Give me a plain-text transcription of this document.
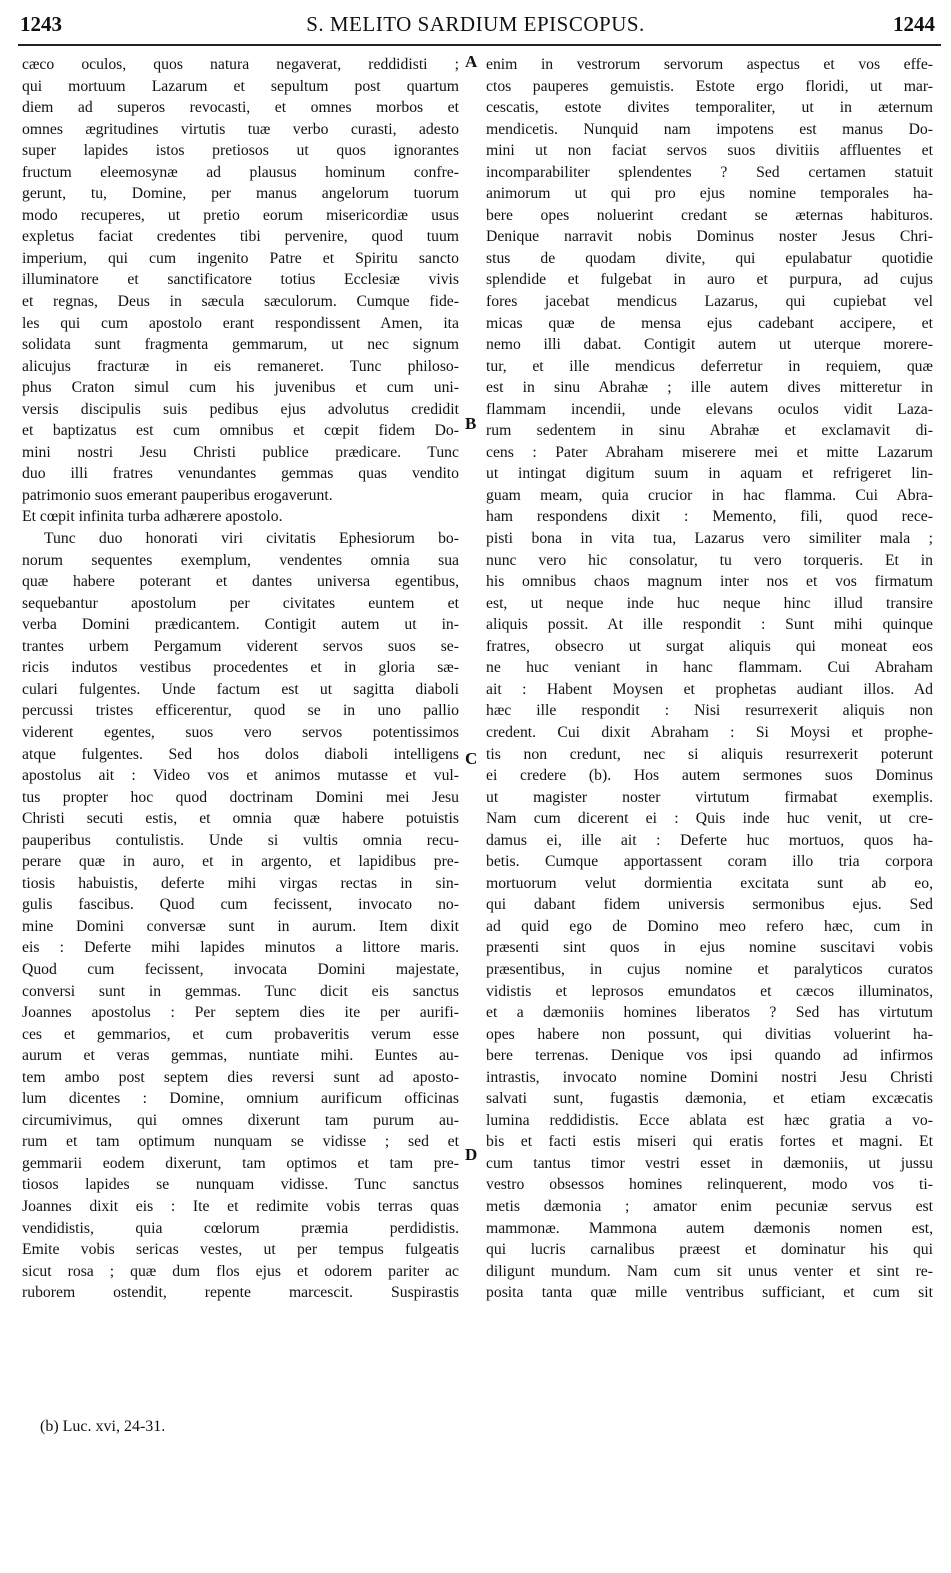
1243	S. MELITO SARDIUM EPISCOPUS.	1244
cæco oculos, quos natura negaverat, reddidisti ;
qui mortuum Lazarum et sepultum post quartum
diem ad superos revocasti, et omnes morbos et
omnes ægritudines virtutis tuæ verbo curasti, adesto
super lapides istos pretiosos ut quos ignorantes
fructum eleemosynæ ad plausus hominum confre-
gerunt, tu, Domine, per manus angelorum tuorum
modo recuperes, ut pretio eorum misericordiæ usus
expletus faciat credentes tibi pervenire, quod tuum
imperium, qui cum ingenito Patre et Spiritu sancto
illuminatore et sanctificatore totius Ecclesiæ vivis
et regnas, Deus in sæcula sæculorum. Cumque fide-
les qui cum apostolo erant respondissent Amen, ita
solidata sunt fragmenta gemmarum, ut nec signum
alicujus fracturæ in eis remaneret. Tunc philoso-
phus Craton simul cum his juvenibus et cum uni-
versis discipulis suis pedibus ejus advolutus credidit
et baptizatus est cum omnibus et cœpit fidem Do-
mini nostri Jesu Christi publice prædicare. Tunc
duo illi fratres venundantes gemmas quas vendito
patrimonio suos emerant pauperibus erogaverunt.
Et cœpit infinita turba adhærere apostolo.
Tunc duo honorati viri civitatis Ephesiorum bo-
norum sequentes exemplum, vendentes omnia sua
quæ habere poterant et dantes universa egentibus,
sequebantur apostolum per civitates euntem et
verba Domini prædicantem. Contigit autem ut in-
trantes urbem Pergamum viderent servos suos se-
ricis indutos vestibus procedentes et in gloria sæ-
culari fulgentes. Unde factum est ut sagitta diaboli
percussi tristes efficerentur, quod se in uno pallio
viderent egentes, suos vero servos potentissimos
atque fulgentes. Sed hos dolos diaboli intelligens
apostolus ait : Video vos et animos mutasse et vul-
tus propter hoc quod doctrinam Domini mei Jesu
Christi secuti estis, et omnia quæ habere potuistis
pauperibus contulistis. Unde si vultis omnia recu-
perare quæ in auro, et in argento, et lapidibus pre-
tiosis habuistis, deferte mihi virgas rectas in sin-
gulis fascibus. Quod cum fecissent, invocato no-
mine Domini conversæ sunt in aurum. Item dixit
eis : Deferte mihi lapides minutos a littore maris.
Quod cum fecissent, invocata Domini majestate,
conversi sunt in gemmas. Tunc dicit eis sanctus
Joannes apostolus : Per septem dies ite per aurifi-
ces et gemmarios, et cum probaveritis verum esse
aurum et veras gemmas, nuntiate mihi. Euntes au-
tem ambo post septem dies reversi sunt ad aposto-
lum dicentes : Domine, omnium aurificum officinas
circumivimus, qui omnes dixerunt tam purum au-
rum et tam optimum nunquam se vidisse ; sed et
gemmarii eodem dixerunt, tam optimos et tam pre-
tiosos lapides se nunquam vidisse. Tunc sanctus
Joannes dixit eis : Ite et redimite vobis terras quas
vendidistis, quia cœlorum præmia perdidistis.
Emite vobis sericas vestes, ut per tempus fulgeatis
sicut rosa ; quæ dum flos ejus et odorem pariter ac
ruborem ostendit, repente marcescit. Suspirastis
enim in vestrorum servorum aspectus et vos effe-
ctos pauperes gemuistis. Estote ergo floridi, ut mar-
cescatis, estote divites temporaliter, ut in æternum
mendicetis. Nunquid nam impotens est manus Do-
mini ut non faciat servos suos divitiis affluentes et
incomparabiliter splendentes ? Sed certamen statuit
animorum ut qui pro ejus nomine temporales ha-
bere opes noluerint credant se æternas habituros.
Denique narravit nobis Dominus noster Jesus Chri-
stus de quodam divite, qui epulabatur quotidie
splendide et fulgebat in auro et purpura, ad cujus
fores jacebat mendicus Lazarus, qui cupiebat vel
micas quæ de mensa ejus cadebant accipere, et
nemo illi dabat. Contigit autem ut uterque morere-
tur, et ille mendicus deferretur in requiem, quæ
est in sinu Abrahæ ; ille autem dives mitteretur in
flammam incendii, unde elevans oculos vidit Laza-
rum sedentem in sinu Abrahæ et exclamavit di-
cens : Pater Abraham miserere mei et mitte Lazarum
ut intingat digitum suum in aquam et refrigeret lin-
guam meam, quia crucior in hac flamma. Cui Abra-
ham respondens dixit : Memento, fili, quod rece-
pisti bona in vita tua, Lazarus vero similiter mala ;
nunc vero hic consolatur, tu vero torqueris. Et in
his omnibus chaos magnum inter nos et vos firmatum
est, ut neque inde huc neque hinc illud transire
aliquis possit. At ille respondit : Sunt mihi quinque
fratres, obsecro ut surgat aliquis qui moneat eos
ne huc veniant in hanc flammam. Cui Abraham
ait : Habent Moysen et prophetas audiant illos. Ad
hæc ille respondit : Nisi resurrexerit aliquis non
credent. Cui dixit Abraham : Si Moysi et prophe-
tis non credunt, nec si aliquis resurrexerit poterunt
ei credere (b). Hos autem sermones suos Dominus
ut magister noster virtutum firmabat exemplis.
Nam cum dicerent ei : Quis inde huc venit, ut cre-
damus ei, ille ait : Deferte huc mortuos, quos ha-
betis. Cumque apportassent coram illo tria corpora
mortuorum velut dormientia excitata sunt ab eo,
qui dabant fidem universis sermonibus ejus. Sed
ad quid ego de Domino meo refero hæc, cum in
præsenti sint quos in ejus nomine suscitavi vobis
præsentibus, in cujus nomine et paralyticos curatos
vidistis et leprosos emundatos et cæcos illuminatos,
et a dæmoniis homines liberatos ? Sed has virtutum
opes habere non possunt, qui divitias voluerint ha-
bere terrenas. Denique vos ipsi quando ad infirmos
intrastis, invocato nomine Domini nostri Jesu Christi
salvati sunt, fugastis dæmonia, et etiam excæcatis
lumina reddidistis. Ecce ablata est hæc gratia a vo-
bis et facti estis miseri qui eratis fortes et magni. Et
cum tantus timor vestri esset in dæmoniis, ut jussu
vestro obsessos homines relinquerent, modo vos ti-
metis dæmonia ; amator enim pecuniæ servus est
mammonæ. Mammona autem dæmonis nomen est,
qui lucris carnalibus præest et dominatur his qui
diligunt mundum. Nam cum sit unus venter et sint re-
posita tanta quæ mille ventribus sufficiant, et cum sit
A
B
C
D
(b) Luc. xvi, 24-31.
